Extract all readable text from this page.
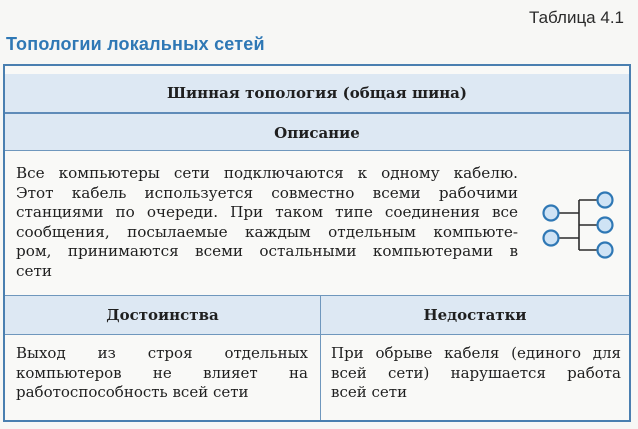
Таблица 4.1
Топологии локальных сетей
Шинная топология (общая шина)
Описание
Все компьютеры сети подключаются к одному кабелю.
Этот кабель используется совместно всеми рабочими
станциями по очереди. При таком типе соединения все
сообщения, посылаемые каждым отдельным компьюте-
ром, принимаются всеми остальными компьютерами в
сети
Достоинства	Недостатки
Выход из строя отдельных
компьютеров не влияет на
работоспособность всей сети
При обрыве кабеля (единого для
всей сети) нарушается работа
всей сети
